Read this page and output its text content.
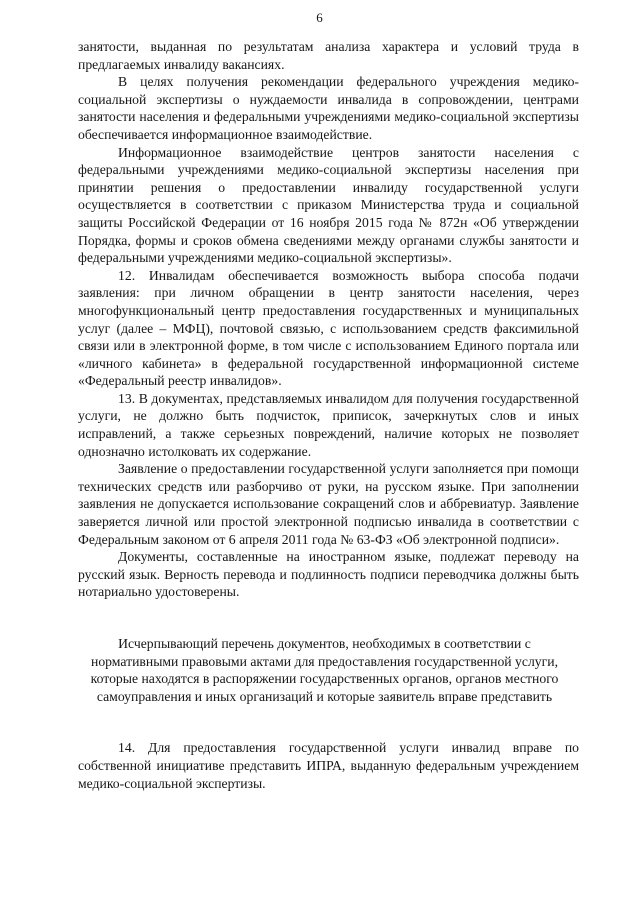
6

занятости, выданная по результатам анализа характера и условий труда в предлагаемых инвалиду вакансиях.

В целях получения рекомендации федерального учреждения медико-социальной экспертизы о нуждаемости инвалида в сопровождении, центрами занятости населения и федеральными учреждениями медико-социальной экспертизы обеспечивается информационное взаимодействие.

Информационное взаимодействие центров занятости населения с федеральными учреждениями медико-социальной экспертизы населения при принятии решения о предоставлении инвалиду государственной услуги осуществляется в соответствии с приказом Министерства труда и социальной защиты Российской Федерации от 16 ноября 2015 года № 872н «Об утверждении Порядка, формы и сроков обмена сведениями между органами службы занятости и федеральными учреждениями медико-социальной экспертизы».

12. Инвалидам обеспечивается возможность выбора способа подачи заявления: при личном обращении в центр занятости населения, через многофункциональный центр предоставления государственных и муниципальных услуг (далее – МФЦ), почтовой связью, с использованием средств факсимильной связи или в электронной форме, в том числе с использованием Единого портала или «личного кабинета» в федеральной государственной информационной системе «Федеральный реестр инвалидов».

13. В документах, представляемых инвалидом для получения государственной услуги, не должно быть подчисток, приписок, зачеркнутых слов и иных исправлений, а также серьезных повреждений, наличие которых не позволяет однозначно истолковать их содержание.

Заявление о предоставлении государственной услуги заполняется при помощи технических средств или разборчиво от руки, на русском языке. При заполнении заявления не допускается использование сокращений слов и аббревиатур. Заявление заверяется личной или простой электронной подписью инвалида в соответствии с Федеральным законом от 6 апреля 2011 года № 63-ФЗ «Об электронной подписи».

Документы, составленные на иностранном языке, подлежат переводу на русский язык. Верность перевода и подлинность подписи переводчика должны быть нотариально удостоверены.

Исчерпывающий перечень документов, необходимых в соответствии с нормативными правовыми актами для предоставления государственной услуги, которые находятся в распоряжении государственных органов, органов местного самоуправления и иных организаций и которые заявитель вправе представить

14. Для предоставления государственной услуги инвалид вправе по собственной инициативе представить ИПРА, выданную федеральным учреждением медико-социальной экспертизы.
